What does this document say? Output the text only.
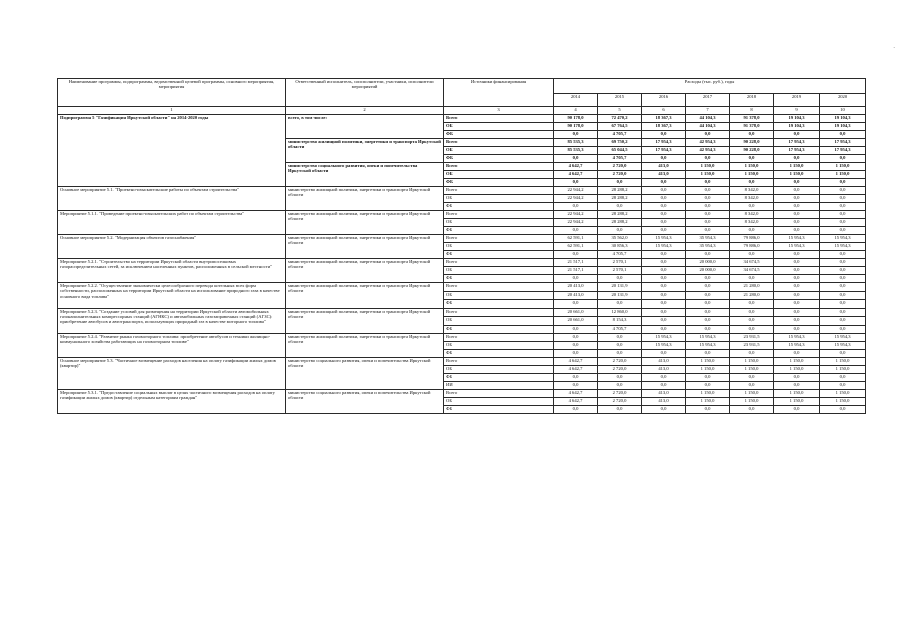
·
Наименование программы, подпрограммы, ведомственной целевой программы, основного мероприятия, мероприятия	Ответственный исполнитель, соисполнители, участники, исполнители мероприятий	Источники финансирования	Расходы (тыс. руб.), годы						
			2014	2015	2016	2017	2018	2019	2020
1	2	3	4	5	6	7	8	9	10
Подпрограмма 5 "Газификация Иркутской области" на 2014-2020 годы	всего, в том числе:	Всего	90 178,0	72 470,2	18 367,3	44 104,3	91 378,0	19 104,3	19 104,3
		ОБ	90 178,0	67 764,5	18 367,3	44 104,3	91 378,0	19 104,3	19 104,3
		ФБ	0,0	4 705,7	0,0	0,0	0,0	0,0	0,0
	министерство жилищной политики, энергетики и транспорта Иркутской области	Всего	85 535,3	69 750,2	17 954,3	42 954,3	90 228,0	17 954,3	17 954,3
		ОБ	85 535,3	65 044,5	17 954,3	42 954,3	90 228,0	17 954,3	17 954,3
		ФБ	0,0	4 705,7	0,0	0,0	0,0	0,0	0,0
	министерство социального развития, опеки и попечительства Иркутской области	Всего	4 642,7	2 720,0	413,0	1 150,0	1 150,0	1 150,0	1 150,0
		ОБ	4 642,7	2 720,0	413,0	1 150,0	1 150,0	1 150,0	1 150,0
		ФБ	0,0	0,0	0,0	0,0	0,0	0,0	0,0
Основное мероприятие 5.1. "Проектно-изыскательские работы по объектам строительства"	министерство жилищной политики, энергетики и транспорта Иркутской области	Всего	22 944,2	28 288,2	0,0	0,0	8 342,0	0,0	0,0
		ОБ	22 944,2	28 288,2	0,0	0,0	8 342,0	0,0	0,0
		ФБ	0,0	0,0	0,0	0,0	0,0	0,0	0,0
Мероприятие 5.1.1. "Проведение проектно-изыскательских работ по объектам строительства"	министерство жилищной политики, энергетики и транспорта Иркутской области	Всего	22 944,2	28 288,2	0,0	0,0	8 342,0	0,0	0,0
		ОБ	22 944,2	28 288,2	0,0	0,0	8 342,0	0,0	0,0
		ФБ	0,0	0,0	0,0	0,0	0,0	0,0	0,0
Основное мероприятие 5.2. "Модернизация объектов газоснабжения"	министерство жилищной политики, энергетики и транспорта Иркутской области	Всего	62 591,1	35 562,0	15 954,3	35 954,3	79 886,0	15 954,3	15 954,3
		ОБ	62 591,1	30 856,3	15 954,3	35 954,3	79 886,0	15 954,3	15 954,3
		ФБ	0,0	4 705,7	0,0	0,0	0,0	0,0	0,0
Мероприятие 5.2.1. "Строительство на территории Иркутской области внутрипоселковых газораспределительных сетей, за исключением населенных пунктов, расположенных в сельской местности"	министерство жилищной политики, энергетики и транспорта Иркутской области	Всего	21 517,1	2 570,1	0,0	20 000,0	34 674,5	0,0	0,0
		ОБ	21 517,1	2 570,1	0,0	20 000,0	34 674,5	0,0	0,0
		ФБ	0,0	0,0	0,0	0,0	0,0	0,0	0,0
Мероприятие 5.2.2. "Осуществление экономически целесообразного перевода котельных всех форм собственности, расположенных на территории Иркутской области на использование природного газа в качестве основного вида топлива"	министерство жилищной политики, энергетики и транспорта Иркутской области	Всего	20 413,0	20 131,9	0,0	0,0	21 280,0	0,0	0,0
		ОБ	20 413,0	20 131,9	0,0	0,0	21 280,0	0,0	0,0
		ФБ	0,0	0,0	0,0	0,0	0,0	0,0	0,0
Мероприятие 5.2.3. "Создание условий для размещения на территории Иркутской области автомобильных газонаполнительных компрессорных станций (АГНКС) и автомобильных газозаправочных станций (АГЗС): приобретение автобусов и автотранспорта, использующих природный газ в качестве моторного топлива"	министерство жилищной политики, энергетики и транспорта Иркутской области	Всего	20 661,0	12 860,0	0,0	0,0	0,0	0,0	0,0
		ОБ	20 661,0	8 154,3	0,0	0,0	0,0	0,0	0,0
		ФБ	0,0	4 705,7	0,0	0,0	0,0	0,0	0,0
Мероприятие 5.2.4. "Развитие рынка газомоторного топлива: приобретение автобусов и техники жилищно-коммунального хозяйства работающих на газомоторном топливе"	министерство жилищной политики, энергетики и транспорта Иркутской области	Всего	0,0	0,0	15 954,3	15 954,3	23 931,5	15 954,3	15 954,3
		ОБ	0,0	0,0	15 954,3	15 954,3	23 931,5	15 954,3	15 954,3
		ФБ	0,0	0,0	0,0	0,0	0,0	0,0	0,0
Основное мероприятие 5.3. "Частичное возмещение расходов населения на оплату газификации жилых домов (квартир)"	министерство социального развития, опеки и попечительства Иркутской области	Всего	4 642,7	2 720,0	413,0	1 150,0	1 150,0	1 150,0	1 150,0
		ОБ	4 642,7	2 720,0	413,0	1 150,0	1 150,0	1 150,0	1 150,0
		ФБ	0,0	0,0	0,0	0,0	0,0	0,0	0,0
		ИИ	0,0	0,0	0,0	0,0	0,0	0,0	0,0
Мероприятие 5.3.1. "Предоставление социальных выплат в целях частичного возмещения расходов на оплату газификации жилых домов (квартир) отдельным категориям граждан"	министерство социального развития, опеки и попечительства Иркутской области	Всего	4 642,7	2 720,0	413,0	1 150,0	1 150,0	1 150,0	1 150,0
		ОБ	4 642,7	2 720,0	413,0	1 150,0	1 150,0	1 150,0	1 150,0
		ФБ	0,0	0,0	0,0	0,0	0,0	0,0	0,0
